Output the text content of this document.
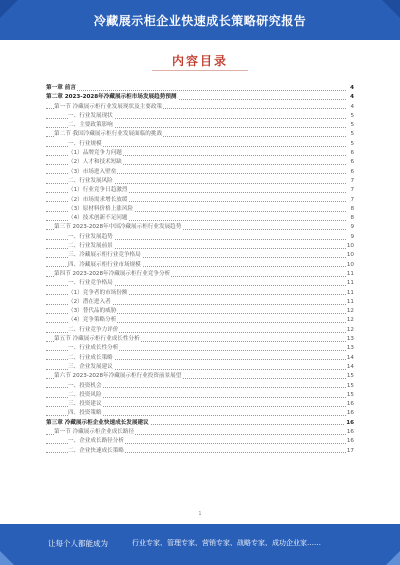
冷藏展示柜企业快速成长策略研究报告
内容目录
第一章 前言	4
第二章 2023-2028年冷藏展示柜市场发展趋势预测	4
第一节 冷藏展示柜行业发展现状及主要政策	4
一、行业发展现状	5
二、主要政策影响	5
第二节 我国冷藏展示柜行业发展面临的挑战	5
一、行业规模	5
（1）品牌竞争力问题	6
（2）人才和技术短缺	6
（3）市场进入壁垒	6
二、行业发展风险	7
（1）行业竞争日趋激烈	7
（2）市场需求增长放缓	7
（3）原材料价格上涨风险	8
（4）技术创新不足问题	8
第三节 2023-2028年中国冷藏展示柜行业发展趋势	9
一、行业发展趋势	9
二、行业发展前景	10
三、冷藏展示柜行业竞争格局	10
四、冷藏展示柜行业市场规模	10
第四节 2023-2028年冷藏展示柜行业竞争分析	11
一、行业竞争格局	11
（1）竞争者的市场份额	11
（2）潜在进入者	11
（3）替代品的威胁	12
（4）竞争策略分析	12
二、行业竞争力评价	12
第五节 冷藏展示柜行业成长性分析	13
一、行业成长性分析	13
二、行业成长策略	14
三、企业发展建议	14
第六节 2023-2028年冷藏展示柜行业投资前景展望	15
一、投资机会	15
二、投资风险	15
三、投资建议	16
四、投资策略	16
第三章 冷藏展示柜企业快速成长发展建议	16
第一节 冷藏展示柜企业成长路径	16
一、企业成长路径分析	16
二、企业快速成长策略	17
1
让每个人都能成为	行业专家、管理专家、营销专家、战略专家、成功企业家……
